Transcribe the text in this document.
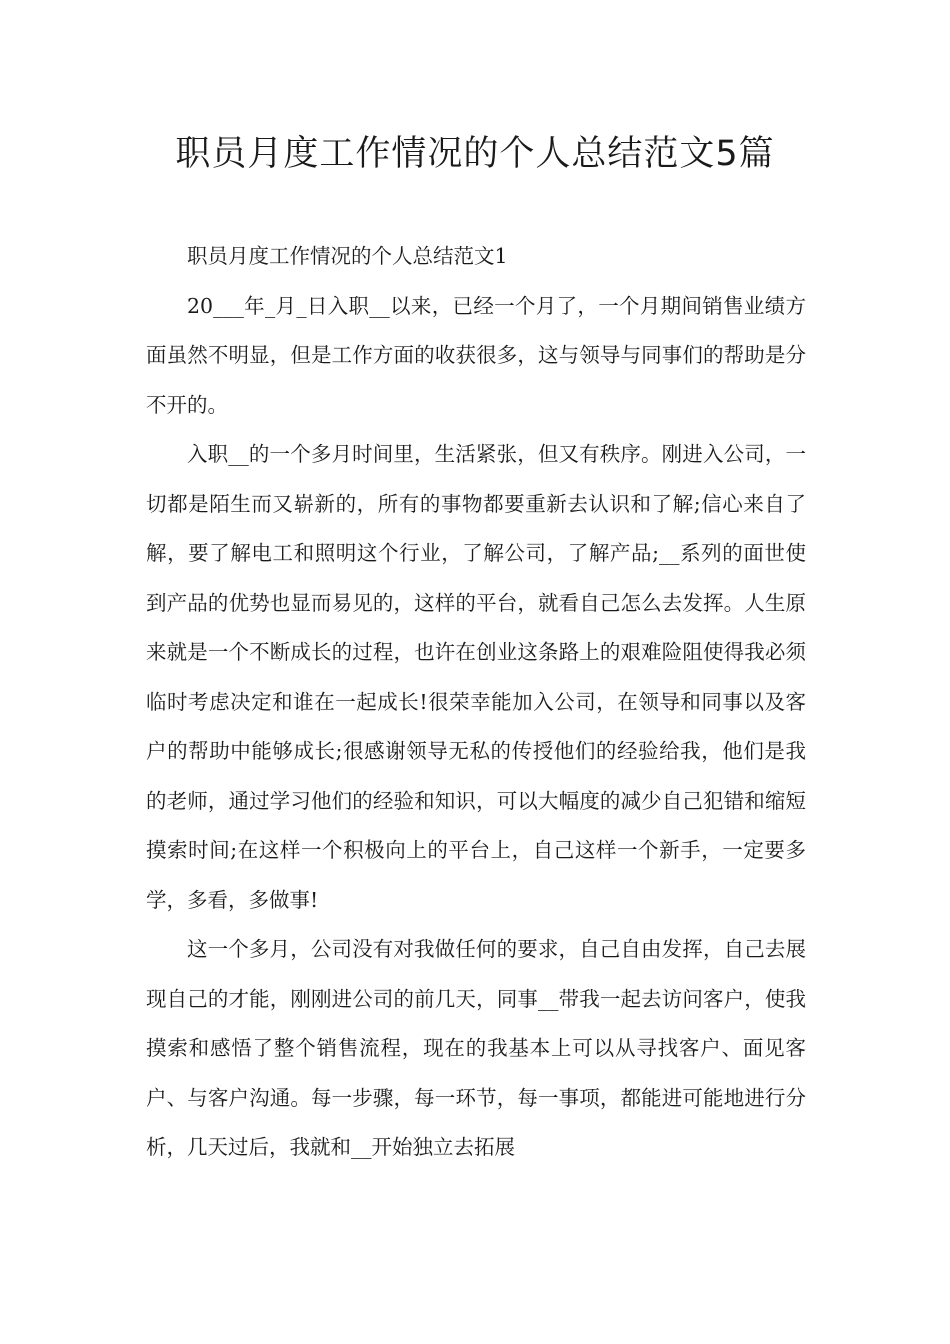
职员月度工作情况的个人总结范文5篇

职员月度工作情况的个人总结范文1

20___年_月_日入职__以来，已经一个月了，一个月期间销售业绩方面虽然不明显，但是工作方面的收获很多，这与领导与同事们的帮助是分不开的。

入职__的一个多月时间里，生活紧张，但又有秩序。刚进入公司，一切都是陌生而又崭新的，所有的事物都要重新去认识和了解;信心来自了解，要了解电工和照明这个行业，了解公司，了解产品;__系列的面世使到产品的优势也显而易见的，这样的平台，就看自己怎么去发挥。人生原来就是一个不断成长的过程，也许在创业这条路上的艰难险阻使得我必须临时考虑决定和谁在一起成长!很荣幸能加入公司，在领导和同事以及客户的帮助中能够成长;很感谢领导无私的传授他们的经验给我，他们是我的老师，通过学习他们的经验和知识，可以大幅度的减少自己犯错和缩短摸索时间;在这样一个积极向上的平台上，自己这样一个新手，一定要多学，多看，多做事!

这一个多月，公司没有对我做任何的要求，自己自由发挥，自己去展现自己的才能，刚刚进公司的前几天，同事__带我一起去访问客户，使我摸索和感悟了整个销售流程，现在的我基本上可以从寻找客户、面见客户、与客户沟通。每一步骤，每一环节，每一事项，都能进可能地进行分析，几天过后，我就和__开始独立去拓展
